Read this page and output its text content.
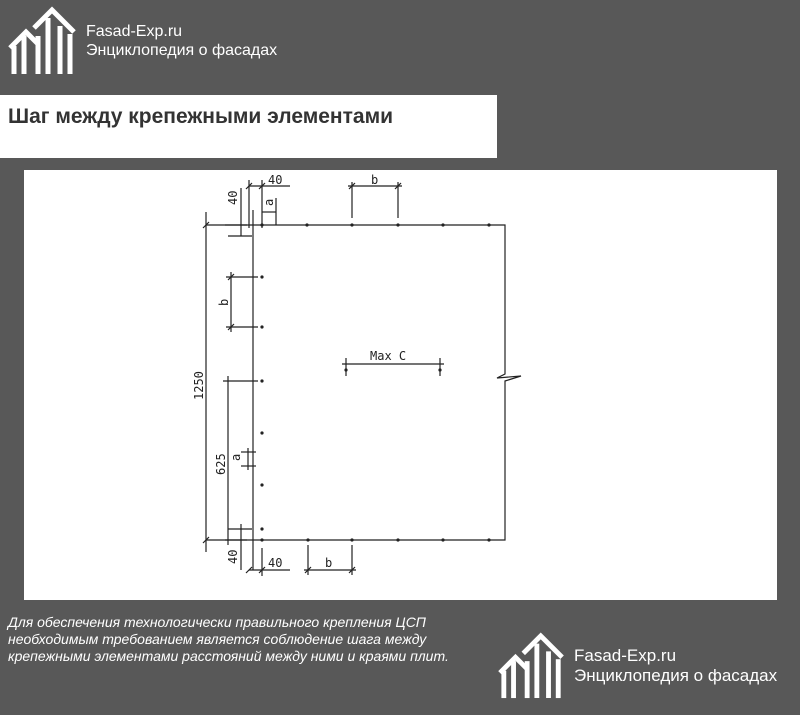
Fasad-Exp.ru
Энциклопедия о фасадах
Шаг между крепежными элементами
40	b
a
40
b
1250
625 a
40 40	b
Max C
Для обеспечения технологически правильного крепления ЦСП необходимым требованием является соблюдение шага между крепежными элементами расстояний между ними и краями плит.	Fasad-Exp.ru
Энциклопедия о фасадах
